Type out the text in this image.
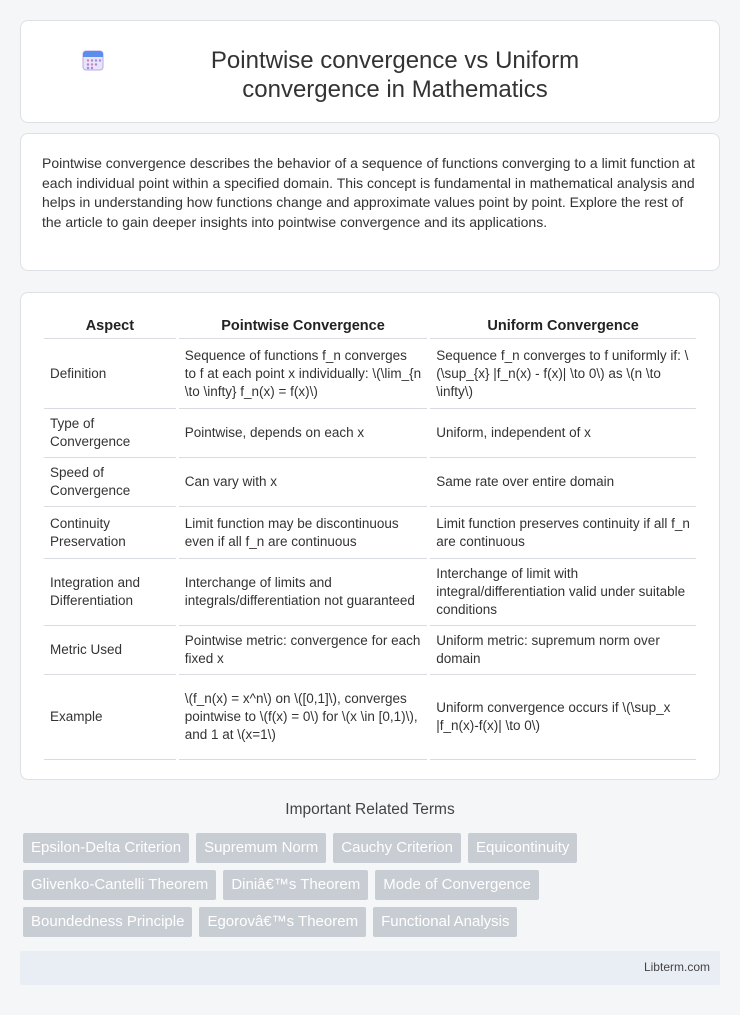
Pointwise convergence vs Uniform convergence in Mathematics

Pointwise convergence describes the behavior of a sequence of functions converging to a limit function at each individual point within a specified domain. This concept is fundamental in mathematical analysis and helps in understanding how functions change and approximate values point by point. Explore the rest of the article to gain deeper insights into pointwise convergence and its applications.

Aspect	Pointwise Convergence	Uniform Convergence
Definition	Sequence of functions f_n converges to f at each point x individually: \(\lim_{n \to \infty} f_n(x) = f(x)\)	Sequence f_n converges to f uniformly if: \(\sup_{x} |f_n(x) - f(x)| \to 0\) as \(n \to \infty\)
Type of Convergence	Pointwise, depends on each x	Uniform, independent of x
Speed of Convergence	Can vary with x	Same rate over entire domain
Continuity Preservation	Limit function may be discontinuous even if all f_n are continuous	Limit function preserves continuity if all f_n are continuous
Integration and Differentiation	Interchange of limits and integrals/differentiation not guaranteed	Interchange of limit with integral/differentiation valid under suitable conditions
Metric Used	Pointwise metric: convergence for each fixed x	Uniform metric: supremum norm over domain
Example	\(f_n(x) = x^n\) on \([0,1]\), converges pointwise to \(f(x) = 0\) for \(x \in [0,1)\), and 1 at \(x=1\)	Uniform convergence occurs if \(\sup_x |f_n(x)-f(x)| \to 0\)
Important Related Terms
Epsilon-Delta Criterion	Supremum Norm	Cauchy Criterion	Equicontinuity
Glivenko-Cantelli Theorem	Diniâ€™s Theorem	Mode of Convergence
Boundedness Principle	Egorovâ€™s Theorem	Functional Analysis
Libterm.com
